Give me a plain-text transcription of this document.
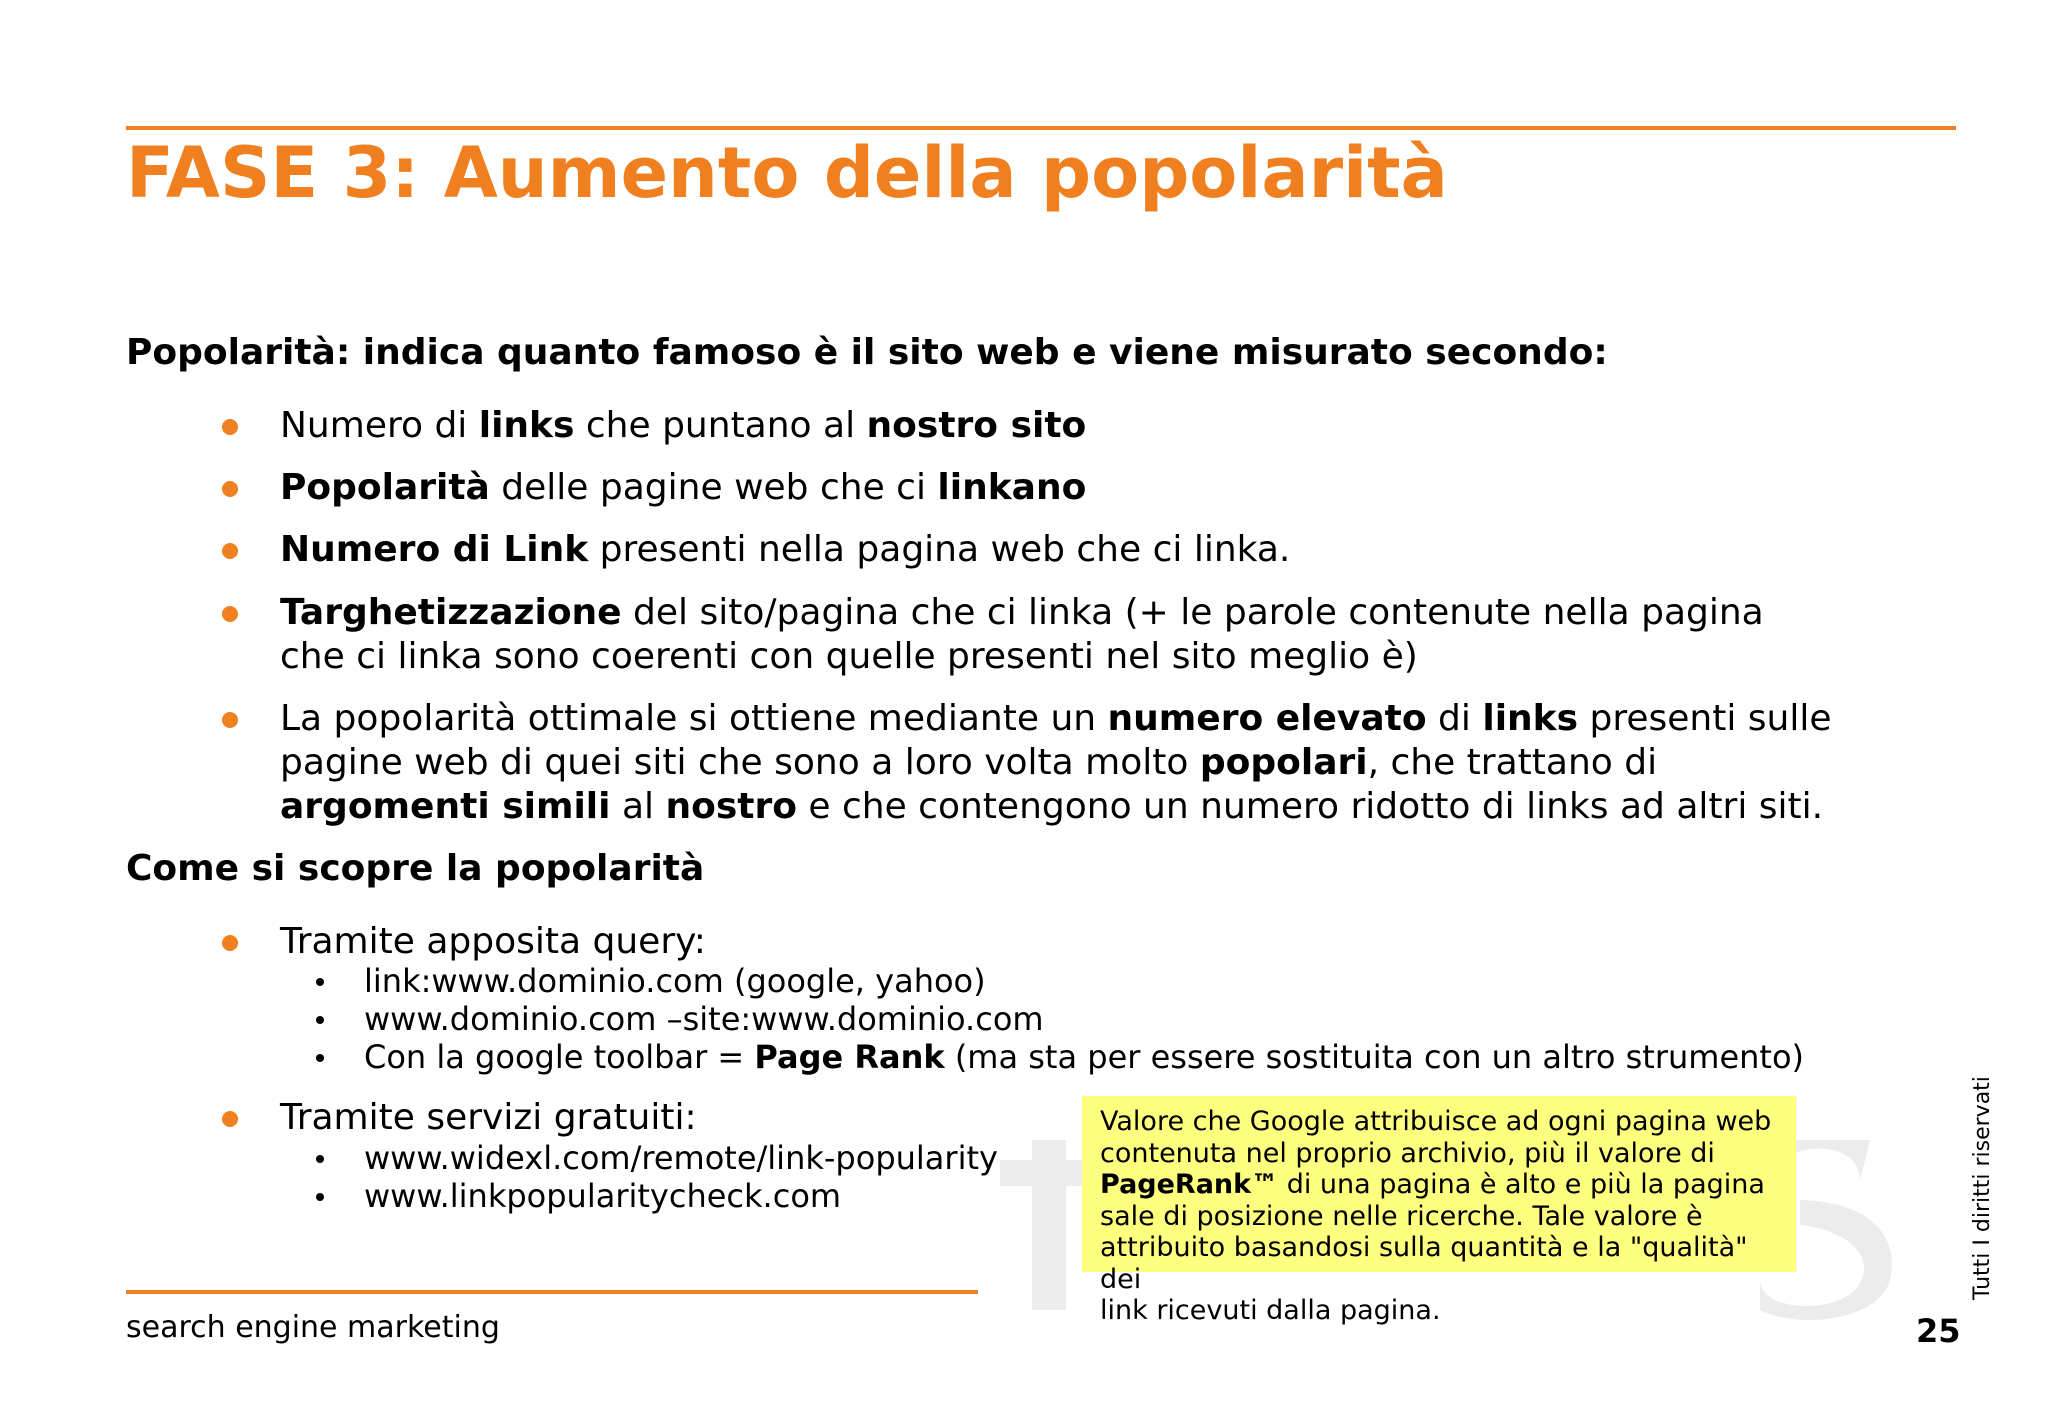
FASE 3: Aumento della popolarità

Popolarità: indica quanto famoso è il sito web e viene misurato secondo:

Numero di links che puntano al nostro sito
Popolarità delle pagine web che ci linkano
Numero di Link presenti nella pagina web che ci linka.
Targhetizzazione del sito/pagina che ci linka (+ le parole contenute nella pagina
che ci linka sono coerenti con quelle presenti nel sito meglio è)
La popolarità ottimale si ottiene mediante un numero elevato di links presenti sulle
pagine web di quei siti che sono a loro volta molto popolari, che trattano di
argomenti simili al nostro e che contengono un numero ridotto di links ad altri siti.

Come si scopre la popolarità

Tramite apposita query:
link:www.dominio.com (google, yahoo)
www.dominio.com –site:www.dominio.com
Con la google toolbar = Page Rank (ma sta per essere sostituita con un altro strumento)
Tramite servizi gratuiti:
www.widexl.com/remote/link-popularity
www.linkpopularitycheck.com
Valore che Google attribuisce ad ogni pagina web
contenuta nel proprio archivio, più il valore di
PageRank™ di una pagina è alto e più la pagina
sale di posizione nelle ricerche. Tale valore è
attribuito basandosi sulla quantità e la "qualità" dei
link ricevuti dalla pagina.
search engine marketing
Tutti I diritti riservati
25
